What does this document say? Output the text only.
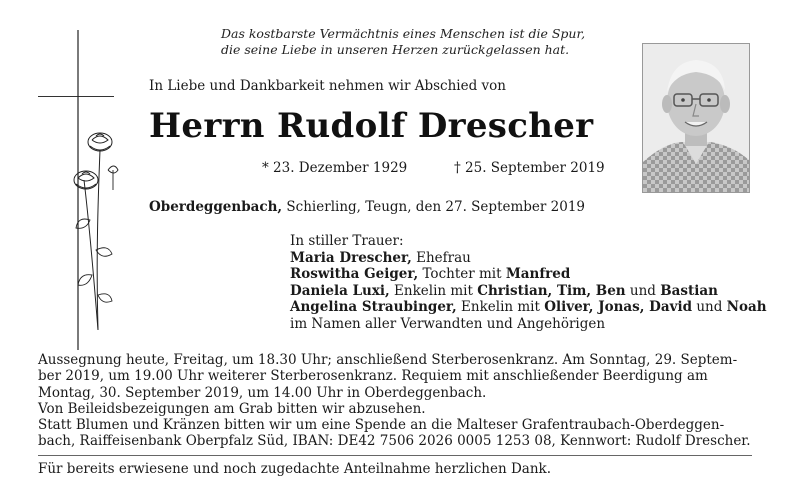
Das kostbarste Vermächtnis eines Menschen ist die Spur,
die seine Liebe in unseren Herzen zurückgelassen hat.
In Liebe und Dankbarkeit nehmen wir Abschied von
Herrn Rudolf Drescher
* 23. Dezember 1929	† 25. September 2019
Oberdeggenbach, Schierling, Teugn, den 27. September 2019
In stiller Trauer:
Maria Drescher, Ehefrau
Roswitha Geiger, Tochter mit Manfred
Daniela Luxi, Enkelin mit Christian, Tim, Ben und Bastian
Angelina Straubinger, Enkelin mit Oliver, Jonas, David und Noah
im Namen aller Verwandten und Angehörigen
Aussegnung heute, Freitag, um 18.30 Uhr; anschließend Sterberosenkranz. Am Sonntag, 29. Septem-
ber 2019, um 19.00 Uhr weiterer Sterberosenkranz. Requiem mit anschließender Beerdigung am
Montag, 30. September 2019, um 14.00 Uhr in Oberdeggenbach.
Von Beileidsbezeigungen am Grab bitten wir abzusehen.
Statt Blumen und Kränzen bitten wir um eine Spende an die Malteser Grafentraubach-Oberdeggen-
bach, Raiffeisenbank Oberpfalz Süd, IBAN: DE42 7506 2026 0005 1253 08, Kennwort: Rudolf Drescher.
Für bereits erwiesene und noch zugedachte Anteilnahme herzlichen Dank.
